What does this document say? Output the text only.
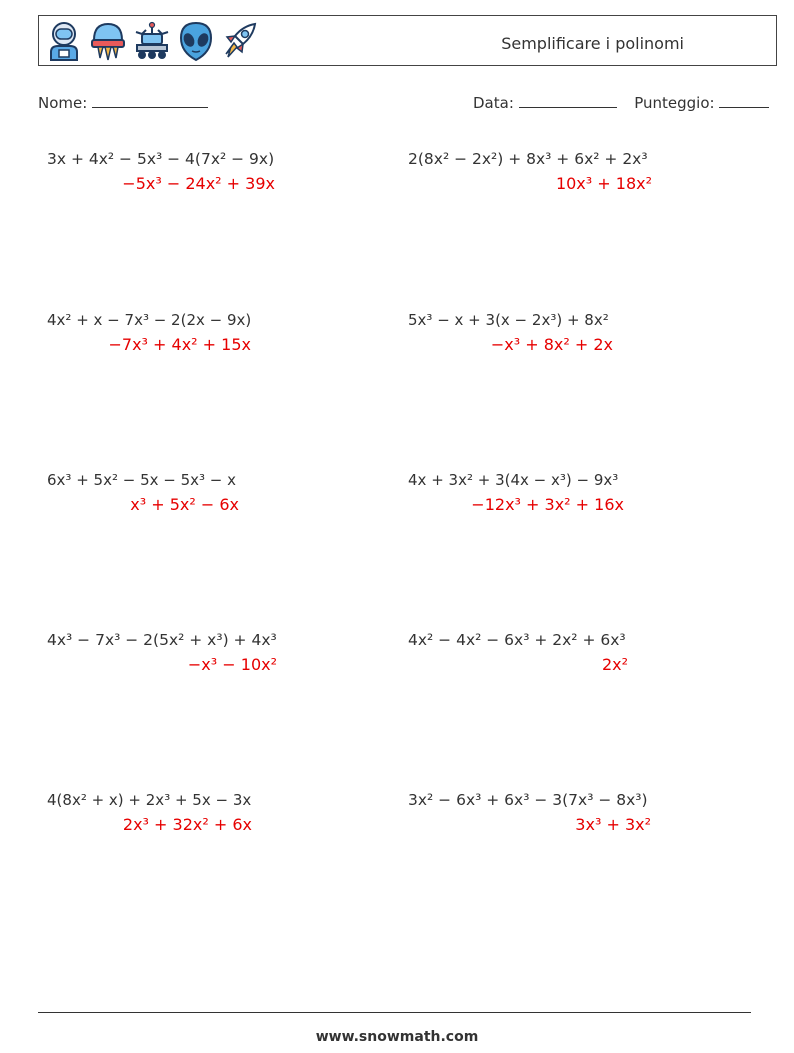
Semplificare i polinomi
Nome:	Data:	Punteggio:
3x + 4x² − 5x³ − 4(7x² − 9x)
−5x³ − 24x² + 39x
2(8x² − 2x²) + 8x³ + 6x² + 2x³
10x³ + 18x²
4x² + x − 7x³ − 2(2x − 9x)
−7x³ + 4x² + 15x
5x³ − x + 3(x − 2x³) + 8x²
−x³ + 8x² + 2x
6x³ + 5x² − 5x − 5x³ − x
x³ + 5x² − 6x
4x + 3x² + 3(4x − x³) − 9x³
−12x³ + 3x² + 16x
4x³ − 7x³ − 2(5x² + x³) + 4x³
−x³ − 10x²
4x² − 4x² − 6x³ + 2x² + 6x³
2x²
4(8x² + x) + 2x³ + 5x − 3x
2x³ + 32x² + 6x
3x² − 6x³ + 6x³ − 3(7x³ − 8x³)
3x³ + 3x²
www.snowmath.com
